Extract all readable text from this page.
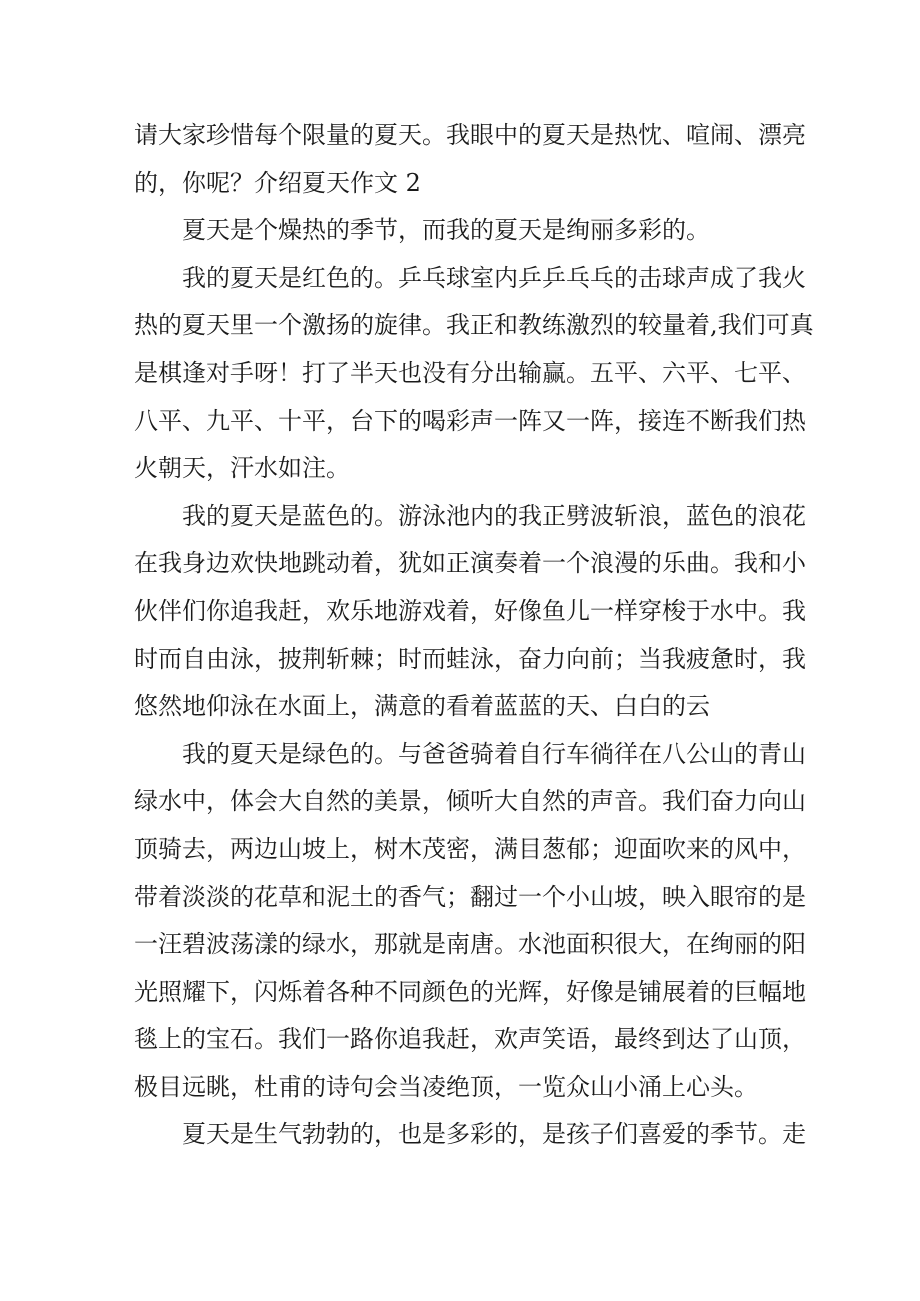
请大家珍惜每个限量的夏天。我眼中的夏天是热忱、喧闹、漂亮
的，你呢？介绍夏天作文 2
夏天是个燥热的季节，而我的夏天是绚丽多彩的。
我的夏天是红色的。乒乓球室内乒乒乓乓的击球声成了我火
热的夏天里一个激扬的旋律。我正和教练激烈的较量着,我们可真
是棋逢对手呀！打了半天也没有分出输赢。五平、六平、七平、
八平、九平、十平，台下的喝彩声一阵又一阵，接连不断我们热
火朝天，汗水如注。
我的夏天是蓝色的。游泳池内的我正劈波斩浪，蓝色的浪花
在我身边欢快地跳动着，犹如正演奏着一个浪漫的乐曲。我和小
伙伴们你追我赶，欢乐地游戏着，好像鱼儿一样穿梭于水中。我
时而自由泳，披荆斩棘；时而蛙泳，奋力向前；当我疲惫时，我
悠然地仰泳在水面上，满意的看着蓝蓝的天、白白的云
我的夏天是绿色的。与爸爸骑着自行车徜徉在八公山的青山
绿水中，体会大自然的美景，倾听大自然的声音。我们奋力向山
顶骑去，两边山坡上，树木茂密，满目葱郁；迎面吹来的风中，
带着淡淡的花草和泥土的香气；翻过一个小山坡，映入眼帘的是
一汪碧波荡漾的绿水，那就是南唐。水池面积很大，在绚丽的阳
光照耀下，闪烁着各种不同颜色的光辉，好像是铺展着的巨幅地
毯上的宝石。我们一路你追我赶，欢声笑语，最终到达了山顶，
极目远眺，杜甫的诗句会当凌绝顶，一览众山小涌上心头。
夏天是生气勃勃的，也是多彩的，是孩子们喜爱的季节。走
